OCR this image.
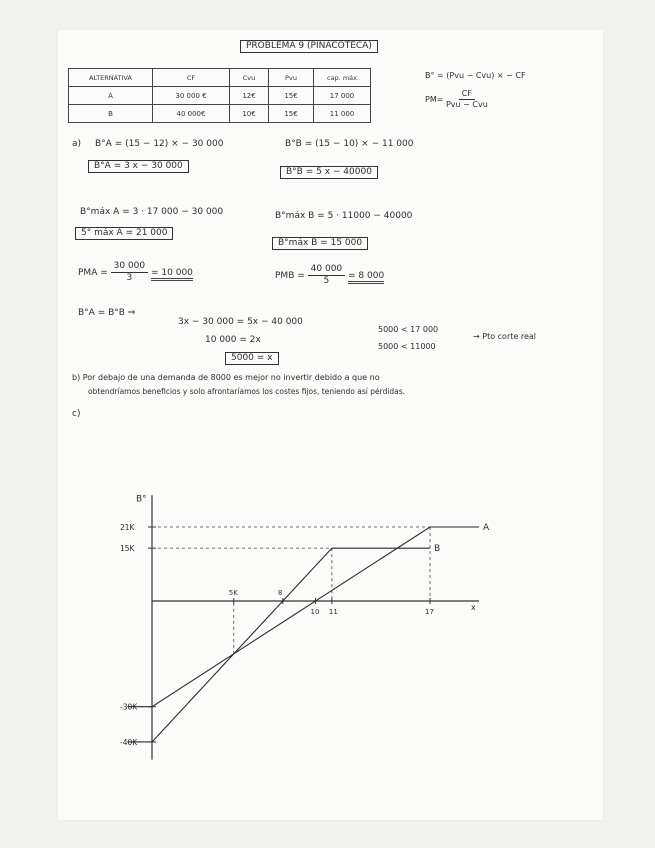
PROBLEMA 9 (PINACOTECA)
ALTERNATIVA	CF	Cvu	Pvu	cap. máx
A	30 000 €	12€	15€	17 000
B	40 000€	10€	15€	11 000
B° = (Pvu − Cvu) × − CF
$PM= \frac{CF}{\text{Pvu − Cvu}}$
a) B°A = (15 − 12) × − 30 000	B°B = (15 − 10) × − 11 000
B°A = 3 x − 30 000
B°B = 5 x − 40000
B°máx A = 3 · 17 000 − 30 000	B°máx B = 5 · 11000 − 40000
5° máx A = 21 000
B°máx B = 15 000
PMA = $\frac{30 000}{3} = 10$ 000	PMB = $\frac{40 000}{5} = 8$ 000
B°A = B°B ⇒
3x − 30 000 = 5x − 40 000
10 000 = 2x
5000 = x
5000 < 17 000
5000 < 11000
→ Pto corte real
b) Por debajo de una demanda de 8000 es mejor no invertir debido a que no
obtendríamos beneficios y solo afrontaríamos los costes fijos, teniendo así pérdidas.
c)
B°
x
21K
15K
-30K
-40K
5K	8
10 11	17
A
B
